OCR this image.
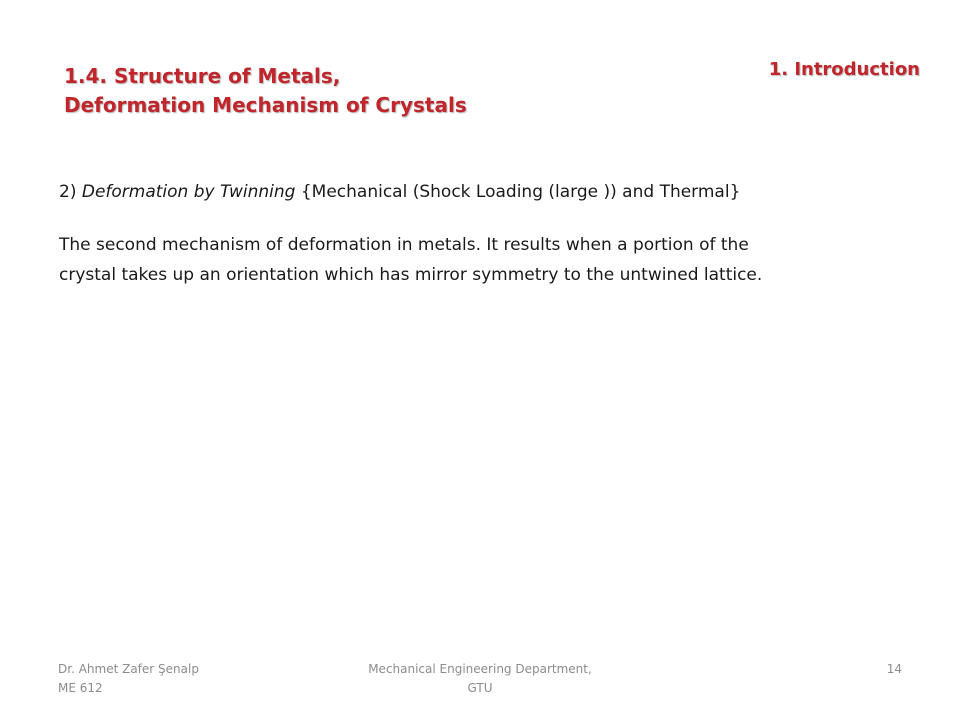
1.4. Structure of Metals,
Deformation Mechanism of Crystals
1. Introduction

2) Deformation by Twinning {Mechanical (Shock Loading (large )) and Thermal}

The second mechanism of deformation in metals. It results when a portion of the
crystal takes up an orientation which has mirror symmetry to the untwined lattice.

Dr. Ahmet Zafer Şenalp
ME 612
Mechanical Engineering Department,
GTU
14
